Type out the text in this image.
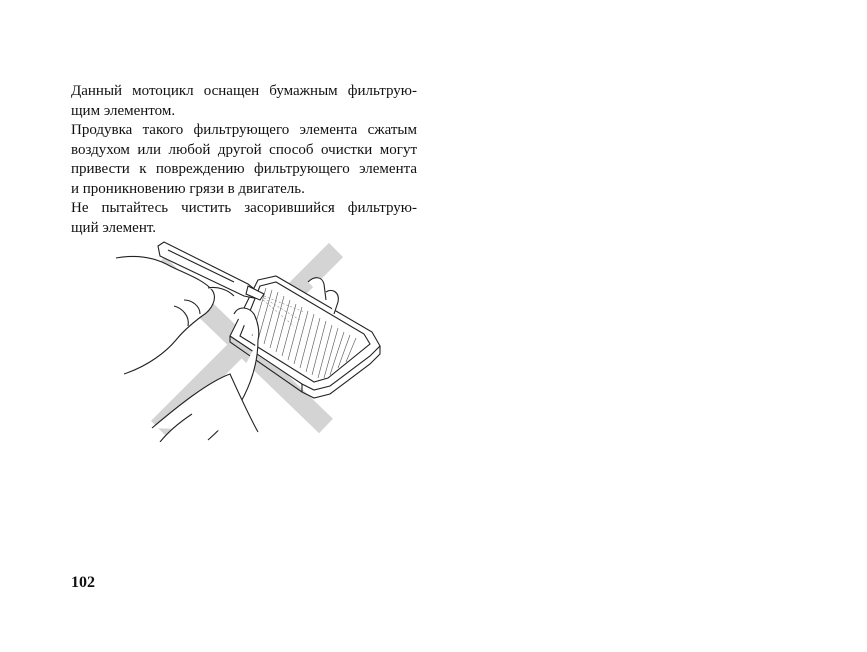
Данный мотоцикл оснащен бумажным фильтрую-
щим элементом.

Продувка такого фильтрующего элемента сжатым
воздухом или любой другой способ очистки могут
привести к повреждению фильтрующего элемента
и проникновению грязи в двигатель.

Не пытайтесь чистить засорившийся фильтрую-
щий элемент.

102
